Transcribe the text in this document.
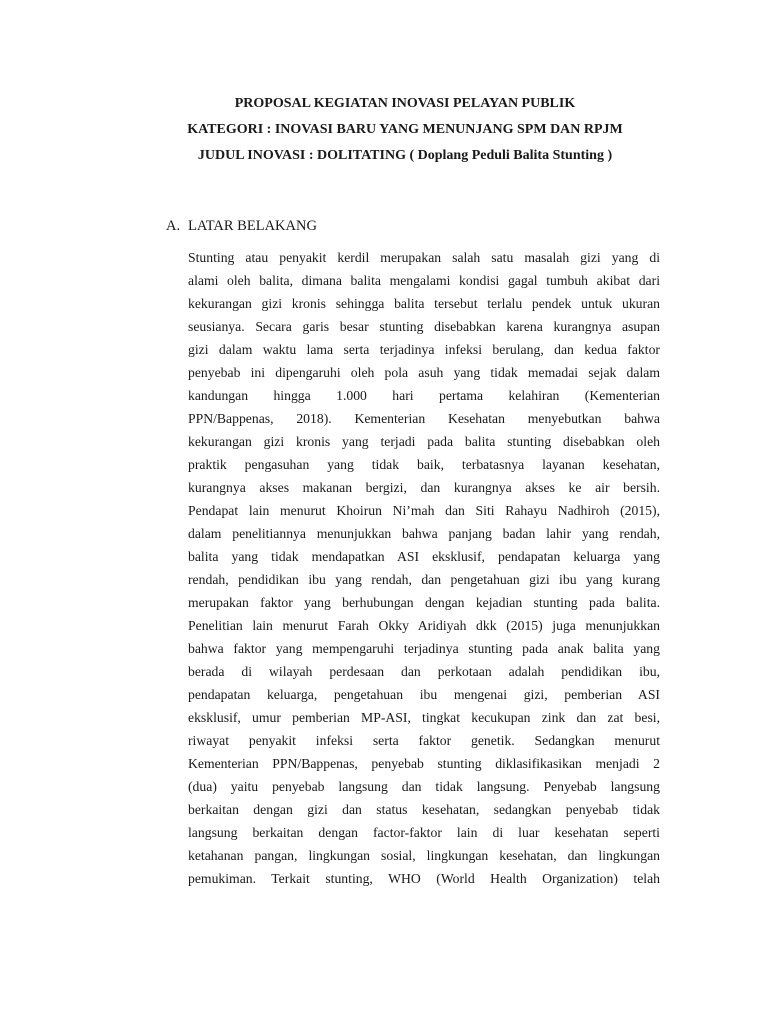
PROPOSAL KEGIATAN INOVASI PELAYAN PUBLIK
KATEGORI : INOVASI BARU YANG MENUNJANG SPM DAN RPJM
JUDUL INOVASI : DOLITATING ( Doplang Peduli Balita Stunting )
A. LATAR BELAKANG
Stunting atau penyakit kerdil merupakan salah satu masalah gizi yang di
alami oleh balita, dimana balita mengalami kondisi gagal tumbuh akibat dari
kekurangan gizi kronis sehingga balita tersebut terlalu pendek untuk ukuran
seusianya. Secara garis besar stunting disebabkan karena kurangnya asupan
gizi dalam waktu lama serta terjadinya infeksi berulang, dan kedua faktor
penyebab ini dipengaruhi oleh pola asuh yang tidak memadai sejak dalam
kandungan hingga 1.000 hari pertama kelahiran (Kementerian
PPN/Bappenas, 2018). Kementerian Kesehatan menyebutkan bahwa
kekurangan gizi kronis yang terjadi pada balita stunting disebabkan oleh
praktik pengasuhan yang tidak baik, terbatasnya layanan kesehatan,
kurangnya akses makanan bergizi, dan kurangnya akses ke air bersih.
Pendapat lain menurut Khoirun Ni’mah dan Siti Rahayu Nadhiroh (2015),
dalam penelitiannya menunjukkan bahwa panjang badan lahir yang rendah,
balita yang tidak mendapatkan ASI eksklusif, pendapatan keluarga yang
rendah, pendidikan ibu yang rendah, dan pengetahuan gizi ibu yang kurang
merupakan faktor yang berhubungan dengan kejadian stunting pada balita.
Penelitian lain menurut Farah Okky Aridiyah dkk (2015) juga menunjukkan
bahwa faktor yang mempengaruhi terjadinya stunting pada anak balita yang
berada di wilayah perdesaan dan perkotaan adalah pendidikan ibu,
pendapatan keluarga, pengetahuan ibu mengenai gizi, pemberian ASI
eksklusif, umur pemberian MP-ASI, tingkat kecukupan zink dan zat besi,
riwayat penyakit infeksi serta faktor genetik. Sedangkan menurut
Kementerian PPN/Bappenas, penyebab stunting diklasifikasikan menjadi 2
(dua) yaitu penyebab langsung dan tidak langsung. Penyebab langsung
berkaitan dengan gizi dan status kesehatan, sedangkan penyebab tidak
langsung berkaitan dengan factor-faktor lain di luar kesehatan seperti
ketahanan pangan, lingkungan sosial, lingkungan kesehatan, dan lingkungan
pemukiman. Terkait stunting, WHO (World Health Organization) telah
